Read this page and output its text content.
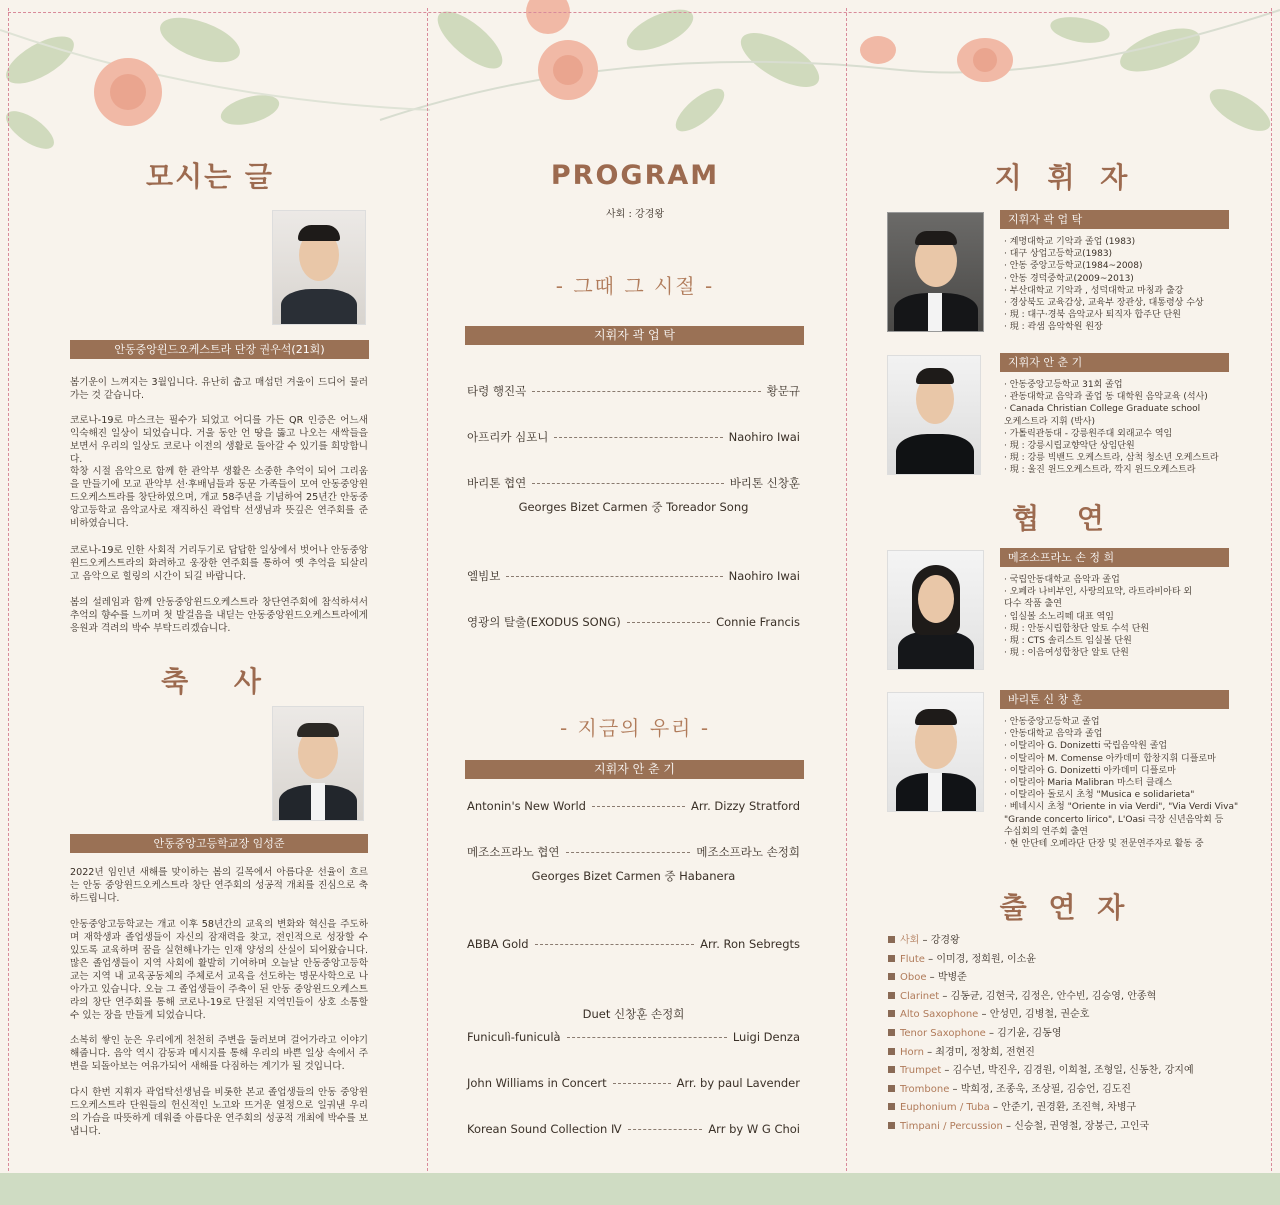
모시는 글
안동중앙윈드오케스트라 단장 권우석(21회)
봄기운이 느껴지는 3월입니다. 유난히 춥고 매섭던 겨울이 드디어 물러가는 것 같습니다.
코로나-19로 마스크는 필수가 되었고 어디를 가든 QR 인증은 어느새 익숙해진 일상이 되었습니다. 거울 동안 언 땅을 뚫고 나오는 새싹들을 보면서 우리의 일상도 코로나 이전의 생활로 돌아갈 수 있기를 희망합니다.
학창 시절 음악으로 함께 한 관악부 생활은 소중한 추억이 되어 그리움을 만들기에 모교 관악부 선·후배님들과 동문 가족들이 모여 안동중앙윈드오케스트라를 창단하였으며, 개교 58주년을 기념하여 25년간 안동중앙고등학교 음악교사로 재직하신 곽업탁 선생님과 뜻깊은 연주회를 준비하였습니다.
코로나-19로 인한 사회적 거리두기로 답답한 일상에서 벗어나 안동중앙윈드오케스트라의 화려하고 웅장한 연주회를 통하여 옛 추억을 되살리고 음악으로 힐링의 시간이 되길 바랍니다.
봄의 설레임과 함께 안동중앙윈드오케스트라 창단연주회에 참석하셔서 추억의 향수를 느끼며 첫 발걸음을 내딛는 안동중앙윈드오케스트라에게 응원과 격려의 박수 부탁드리겠습니다.
축 사
안동중앙고등학교장 임성준
2022년 임인년 새해를 맞이하는 봄의 길목에서 아름다운 선율이 흐르는 안동 중앙윈드오케스트라 창단 연주회의 성공적 개최를 진심으로 축하드립니다.
안동중앙고등학교는 개교 이후 58년간의 교육의 변화와 혁신을 주도하며 재학생과 졸업생들이 자신의 잠재력을 찾고, 전인적으로 성장할 수 있도록 교육하며 꿈을 실현해나가는 인재 양성의 산실이 되어왔습니다. 많은 졸업생들이 지역 사회에 활발히 기여하며 오늘날 안동중앙고등학교는 지역 내 교육공동체의 주체로서 교육을 선도하는 명문사학으로 나아가고 있습니다. 오늘 그 졸업생들이 주축이 된 안동 중앙윈드오케스트라의 창단 연주회를 통해 코로나-19로 단절된 지역민들이 상호 소통할 수 있는 장을 만들게 되었습니다.
소복히 쌓인 눈은 우리에게 천천히 주변을 둘러보며 걸어가라고 이야기해줍니다. 음악 역시 감동과 메시지를 통해 우리의 바쁜 일상 속에서 주변을 되돌아보는 여유가되어 새해를 다짐하는 계기가 될 것입니다.
다시 한번 지휘자 곽업탁선생님을 비롯한 본교 졸업생들의 안동 중앙윈드오케스트라 단원들의 헌신적인 노고와 뜨거운 열정으로 일궈낸 우리의 가슴을 따뜻하게 데워줄 아름다운 연주회의 성공적 개최에 박수를 보냅니다.
PROGRAM
사회 : 강경왕
- 그때 그 시절 -
지휘자 곽 업 탁
타령 행진곡	황문규
아프리카 심포니	Naohiro Iwai
바리톤 협연	바리톤 신창훈
Georges Bizet Carmen 중 Toreador Song
엘빔보	Naohiro Iwai
영광의 탈출(EXODUS SONG)	Connie Francis
- 지금의 우리 -
지휘자 안 춘 기
Antonin's New World	Arr. Dizzy Stratford
메조소프라노 협연	메조소프라노 손정희
Georges Bizet Carmen 중 Habanera
ABBA Gold	Arr. Ron Sebregts
Duet 신창훈 손정희
Funiculì-funiculà	Luigi Denza
John Williams in Concert	Arr. by paul Lavender
Korean Sound Collection Ⅳ	Arr by W G Choi
지 휘 자
지휘자 곽 업 탁
· 계명대학교 기악과 졸업 (1983)
· 대구 상업고등학교(1983)
· 안동 중앙고등학교(1984~2008)
· 안동 경덕중학교(2009~2013)
· 부산대학교 기악과 , 성덕대학교 마칭과 출강
· 경상북도 교육감상, 교육부 장관상, 대통령상 수상
· 現 : 대구·경북 음악교사 퇴직자 합주단 단원
· 現 : 곽샘 음악학원 원장
지휘자 안 춘 기
· 안동중앙고등학교 31회 졸업
· 관동대학교 음악과 졸업 동 대학원 음악교육 (석사)
· Canada Christian College Graduate school
오케스트라 지휘 (박사)
· 가톨릭관동대 - 강릉원주대 외래교수 역임
· 現 : 강릉시립교향악단 상임단원
· 現 : 강릉 빅밴드 오케스트라, 삼척 청소년 오케스트라
· 現 : 울진 윈드오케스트라, 깍지 윈드오케스트라
협 연
메조소프라노 손 정 희
· 국립안동대학교 음악과 졸업
· 오페라 나비부인, 사랑의묘약, 라트라비아타 외
다수 작품 출연
· 임실볼 소노리떼 대표 역임
· 現 : 안동시립합창단 알토 수석 단원
· 現 : CTS 솔리스트 임실볼 단원
· 現 : 이음여성합창단 알토 단원
바리톤 신 창 훈
· 안동중앙고등학교 졸업
· 안동대학교 음악과 졸업
· 이탈리아 G. Donizetti 국립음악원 졸업
· 이탈리아 M. Comense 아카데미 합창지휘 디플로마
· 이탈리아 G. Donizetti 아카데미 디플로마
· 이탈리아 Maria Malibran 마스터 클래스
· 이탈리아 돌로시 초청 "Musica e solidarieta"
· 베네시시 초청 "Oriente in via Verdi", "Via Verdi Viva"
"Grande concerto lirico", L'Oasi 극장 신년음악회 등
수십회의 연주회 출연
· 현 안단테 오페라단 단장 및 전문연주자로 활동 중
출 연 자
사회 – 강경왕
Flute – 이미경, 정희원, 이소윤
Oboe – 박병준
Clarinet – 김동균, 김현국, 김정은, 안수빈, 김승영, 안종혁
Alto Saxophone – 안성민, 김병철, 권순호
Tenor Saxophone – 김기윤, 김동영
Horn – 최경미, 정창희, 전현진
Trumpet – 김수년, 박진우, 김경원, 이희철, 조형일, 신동찬, 강지예
Trombone – 박희정, 조종욱, 조상필, 김승언, 김도진
Euphonium / Tuba – 안준기, 권경환, 조진혁, 차병구
Timpani / Percussion – 신승철, 권영철, 장붕근, 고인국
